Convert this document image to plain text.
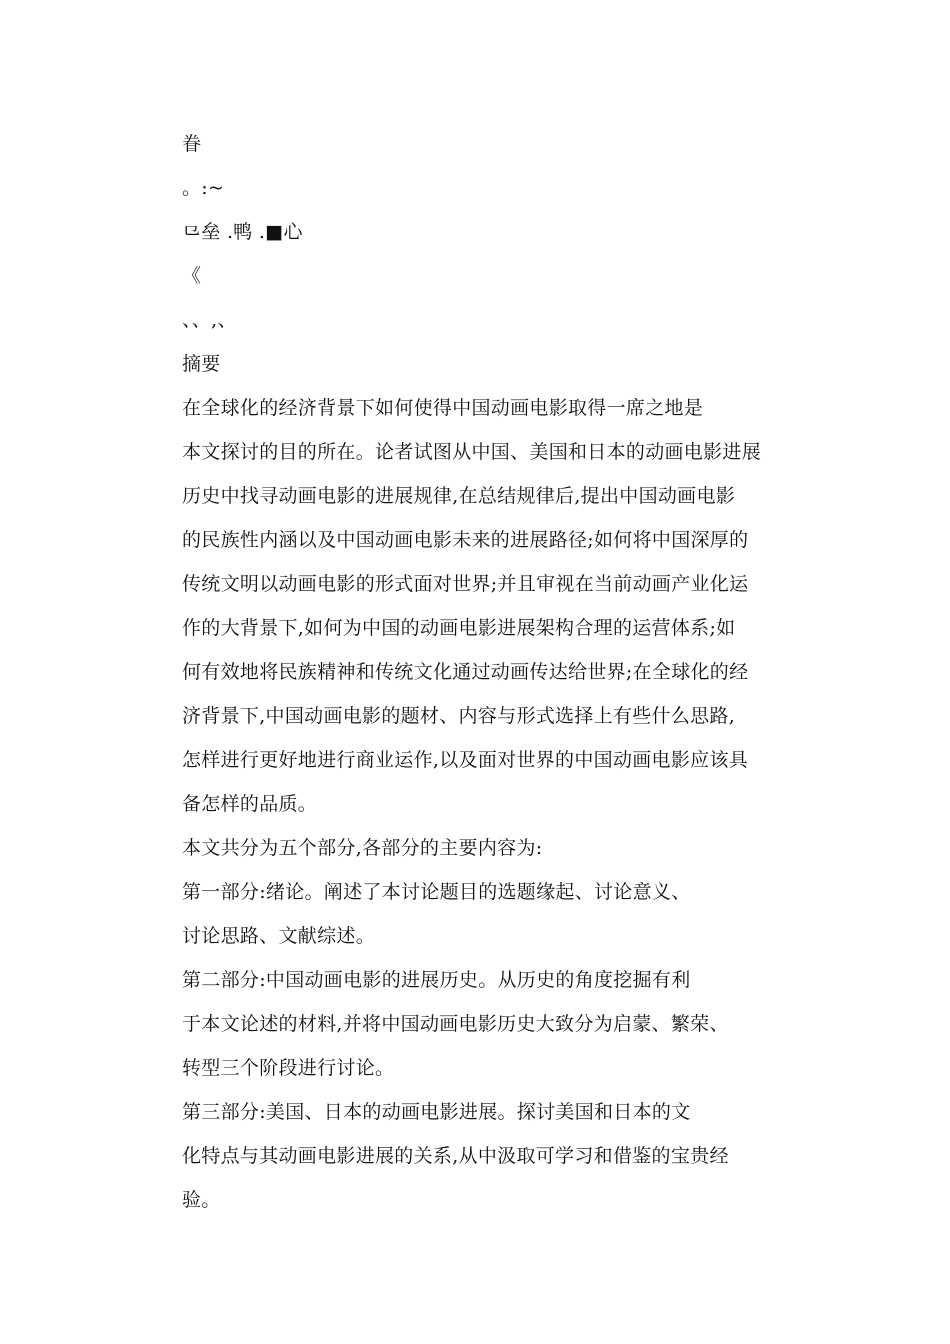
眷
。:~
⺋垒 .鸭 .■心
《
、、,、
摘要
在全球化的经济背景下如何使得中国动画电影取得一席之地是
本文探讨的目的所在。论者试图从中国、美国和日本的动画电影进展
历史中找寻动画电影的进展规律,在总结规律后,提出中国动画电影
的民族性内涵以及中国动画电影未来的进展路径;如何将中国深厚的
传统文明以动画电影的形式面对世界;并且审视在当前动画产业化运
作的大背景下,如何为中国的动画电影进展架构合理的运营体系;如
何有效地将民族精神和传统文化通过动画传达给世界;在全球化的经
济背景下,中国动画电影的题材、内容与形式选择上有些什么思路,
怎样进行更好地进行商业运作,以及面对世界的中国动画电影应该具
备怎样的品质。
本文共分为五个部分,各部分的主要内容为:
第一部分:绪论。阐述了本讨论题目的选题缘起、讨论意义、
讨论思路、文献综述。
第二部分:中国动画电影的进展历史。从历史的角度挖掘有利
于本文论述的材料,并将中国动画电影历史大致分为启蒙、繁荣、
转型三个阶段进行讨论。
第三部分:美国、日本的动画电影进展。探讨美国和日本的文
化特点与其动画电影进展的关系,从中汲取可学习和借鉴的宝贵经
验。
